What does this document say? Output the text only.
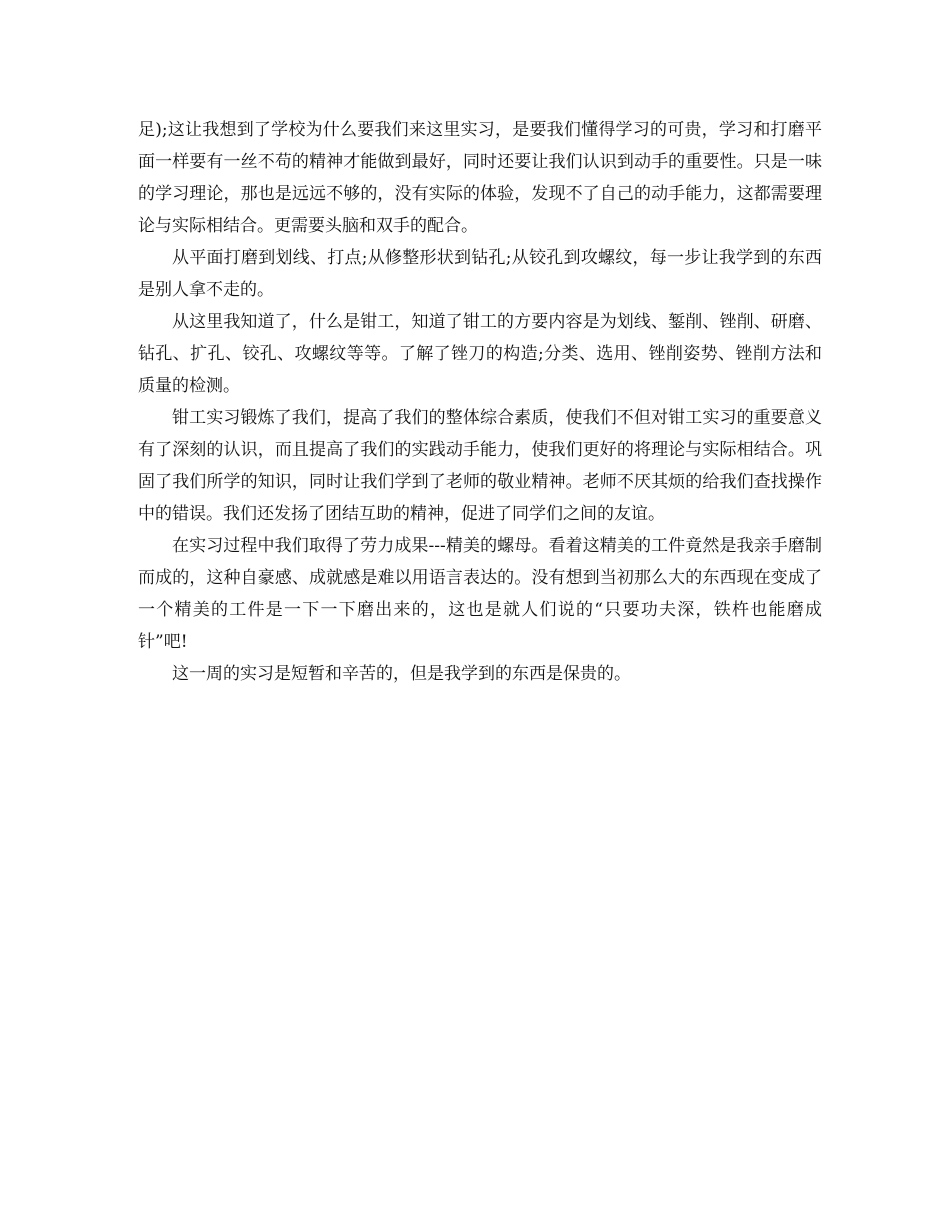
足);这让我想到了学校为什么要我们来这里实习，是要我们懂得学习的可贵，学习和打磨平面一样要有一丝不苟的精神才能做到最好，同时还要让我们认识到动手的重要性。只是一味的学习理论，那也是远远不够的，没有实际的体验，发现不了自己的动手能力，这都需要理论与实际相结合。更需要头脑和双手的配合。

从平面打磨到划线、打点;从修整形状到钻孔;从铰孔到攻螺纹，每一步让我学到的东西是别人拿不走的。

从这里我知道了，什么是钳工，知道了钳工的方要内容是为划线、錾削、锉削、研磨、钻孔、扩孔、铰孔、攻螺纹等等。了解了锉刀的构造;分类、选用、锉削姿势、锉削方法和质量的检测。

钳工实习锻炼了我们，提高了我们的整体综合素质，使我们不但对钳工实习的重要意义有了深刻的认识，而且提高了我们的实践动手能力，使我们更好的将理论与实际相结合。巩固了我们所学的知识，同时让我们学到了老师的敬业精神。老师不厌其烦的给我们查找操作中的错误。我们还发扬了团结互助的精神，促进了同学们之间的友谊。

在实习过程中我们取得了劳力成果---精美的螺母。看着这精美的工件竟然是我亲手磨制而成的，这种自豪感、成就感是难以用语言表达的。没有想到当初那么大的东西现在变成了一个精美的工件是一下一下磨出来的，这也是就人们说的“只要功夫深，铁杵也能磨成针”吧!

这一周的实习是短暂和辛苦的，但是我学到的东西是保贵的。
